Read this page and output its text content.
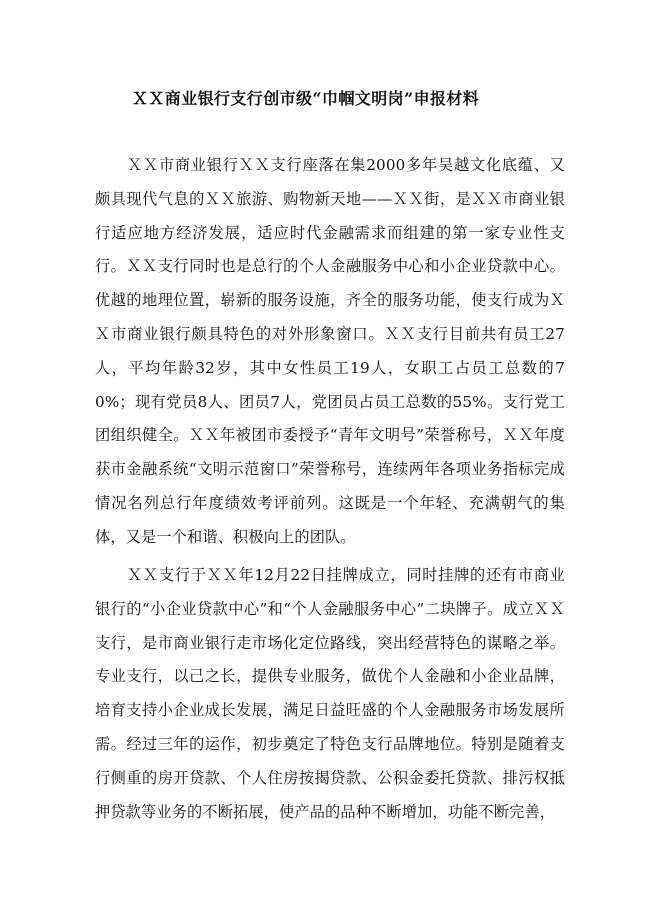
ＸＸ商业银行支行创市级“巾帼文明岗”申报材料
ＸＸ市商业银行ＸＸ支行座落在集2000多年吴越文化底蕴、又颇具现代气息的ＸＸ旅游、购物新天地——ＸＸ街，是ＸＸ市商业银行适应地方经济发展，适应时代金融需求而组建的第一家专业性支行。ＸＸ支行同时也是总行的个人金融服务中心和小企业贷款中心。优越的地理位置，崭新的服务设施，齐全的服务功能，使支行成为ＸＸ市商业银行颇具特色的对外形象窗口。ＸＸ支行目前共有员工27人，平均年龄32岁，其中女性员工19人，女职工占员工总数的70%；现有党员8人、团员7人，党团员占员工总数的55%。支行党工团组织健全。ＸＸ年被团市委授予“青年文明号”荣誉称号，ＸＸ年度获市金融系统“文明示范窗口”荣誉称号，连续两年各项业务指标完成情况名列总行年度绩效考评前列。这既是一个年轻、充满朝气的集体，又是一个和谐、积极向上的团队。
ＸＸ支行于ＸＸ年12月22日挂牌成立，同时挂牌的还有市商业银行的“小企业贷款中心”和“个人金融服务中心”二块牌子。成立ＸＸ支行，是市商业银行走市场化定位路线，突出经营特色的谋略之举。专业支行，以己之长，提供专业服务，做优个人金融和小企业品牌，培育支持小企业成长发展，满足日益旺盛的个人金融服务市场发展所需。经过三年的运作，初步奠定了特色支行品牌地位。特别是随着支行侧重的房开贷款、个人住房按揭贷款、公积金委托贷款、排污权抵押贷款等业务的不断拓展，使产品的品种不断增加，功能不断完善，
